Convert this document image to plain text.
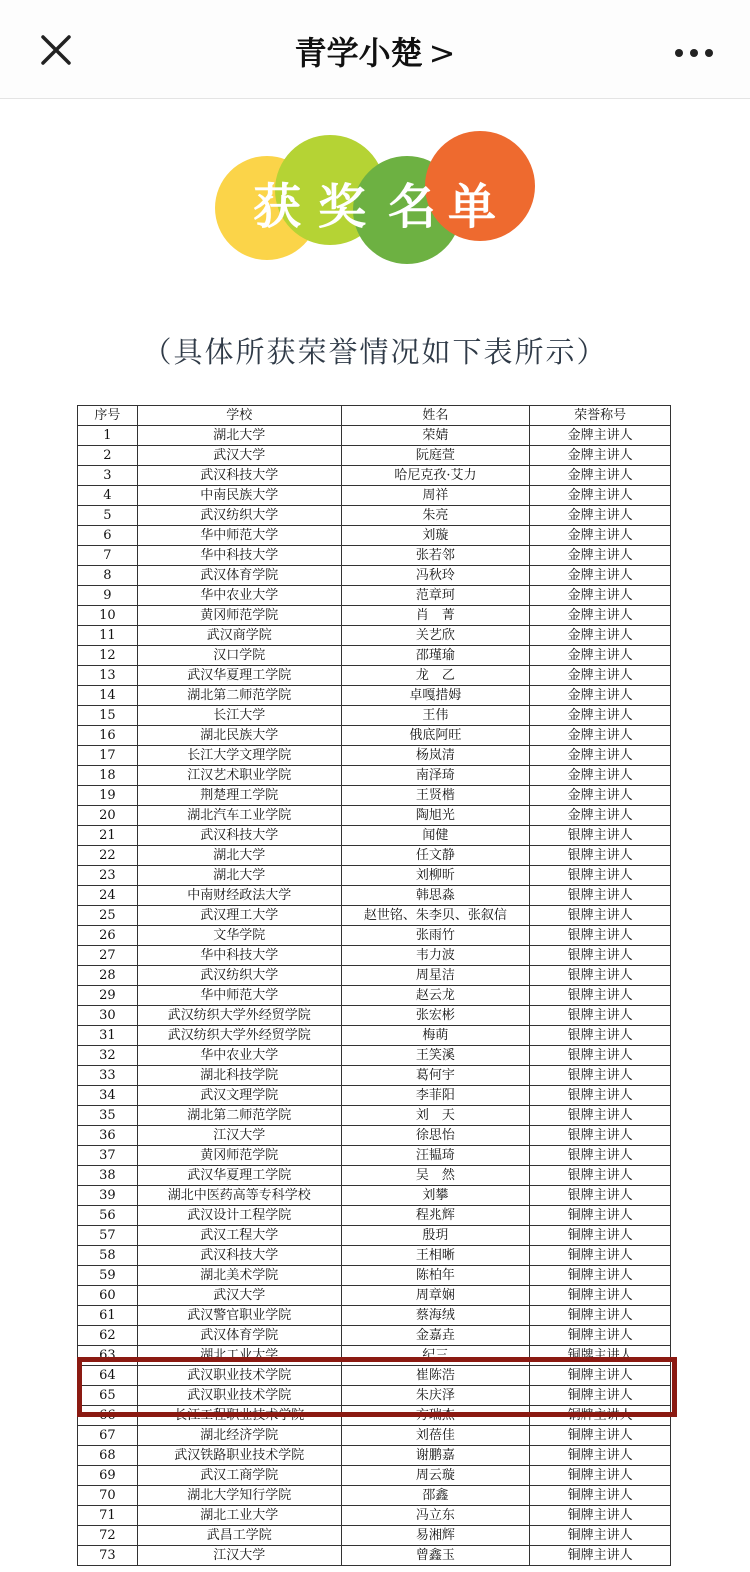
青学小楚 >
获 奖 名 单
（具体所获荣誉情况如下表所示）
序号	学校	姓名	荣誉称号
1	湖北大学	荣婧	金牌主讲人
2	武汉大学	阮庭萱	金牌主讲人
3	武汉科技大学	哈尼克孜·艾力	金牌主讲人
4	中南民族大学	周祥	金牌主讲人
5	武汉纺织大学	朱亮	金牌主讲人
6	华中师范大学	刘璇	金牌主讲人
7	华中科技大学	张若邻	金牌主讲人
8	武汉体育学院	冯秋玲	金牌主讲人
9	华中农业大学	范章珂	金牌主讲人
10	黄冈师范学院	肖　菁	金牌主讲人
11	武汉商学院	关艺欣	金牌主讲人
12	汉口学院	邵瑾瑜	金牌主讲人
13	武汉华夏理工学院	龙　乙	金牌主讲人
14	湖北第二师范学院	卓嘎措姆	金牌主讲人
15	长江大学	王伟	金牌主讲人
16	湖北民族大学	俄底阿旺	金牌主讲人
17	长江大学文理学院	杨岚清	金牌主讲人
18	江汉艺术职业学院	南泽琦	金牌主讲人
19	荆楚理工学院	王贤楷	金牌主讲人
20	湖北汽车工业学院	陶旭光	金牌主讲人
21	武汉科技大学	闻健	银牌主讲人
22	湖北大学	任文静	银牌主讲人
23	湖北大学	刘柳昕	银牌主讲人
24	中南财经政法大学	韩思淼	银牌主讲人
25	武汉理工大学	赵世铭、朱李贝、张叙信	银牌主讲人
26	文华学院	张雨竹	银牌主讲人
27	华中科技大学	韦力波	银牌主讲人
28	武汉纺织大学	周星洁	银牌主讲人
29	华中师范大学	赵云龙	银牌主讲人
30	武汉纺织大学外经贸学院	张宏彬	银牌主讲人
31	武汉纺织大学外经贸学院	梅萌	银牌主讲人
32	华中农业大学	王笑溪	银牌主讲人
33	湖北科技学院	葛何宇	银牌主讲人
34	武汉文理学院	李菲阳	银牌主讲人
35	湖北第二师范学院	刘　天	银牌主讲人
36	江汉大学	徐思怡	银牌主讲人
37	黄冈师范学院	汪韫琦	银牌主讲人
38	武汉华夏理工学院	吴　然	银牌主讲人
39	湖北中医药高等专科学校	刘攀	银牌主讲人
56	武汉设计工程学院	程兆辉	铜牌主讲人
57	武汉工程大学	殷玥	铜牌主讲人
58	武汉科技大学	王相晰	铜牌主讲人
59	湖北美术学院	陈柏年	铜牌主讲人
60	武汉大学	周章娴	铜牌主讲人
61	武汉警官职业学院	蔡海绒	铜牌主讲人
62	武汉体育学院	金嘉垚	铜牌主讲人
63	湖北工业大学	纪三	铜牌主讲人
64	武汉职业技术学院	崔陈浩	铜牌主讲人
65	武汉职业技术学院	朱庆泽	铜牌主讲人
66	长江工程职业技术学院	方瑞杰	铜牌主讲人
67	湖北经济学院	刘蓓佳	铜牌主讲人
68	武汉铁路职业技术学院	谢鹏嘉	铜牌主讲人
69	武汉工商学院	周云璇	铜牌主讲人
70	湖北大学知行学院	邵鑫	铜牌主讲人
71	湖北工业大学	冯立东	铜牌主讲人
72	武昌工学院	易湘辉	铜牌主讲人
73	江汉大学	曾鑫玉	铜牌主讲人
